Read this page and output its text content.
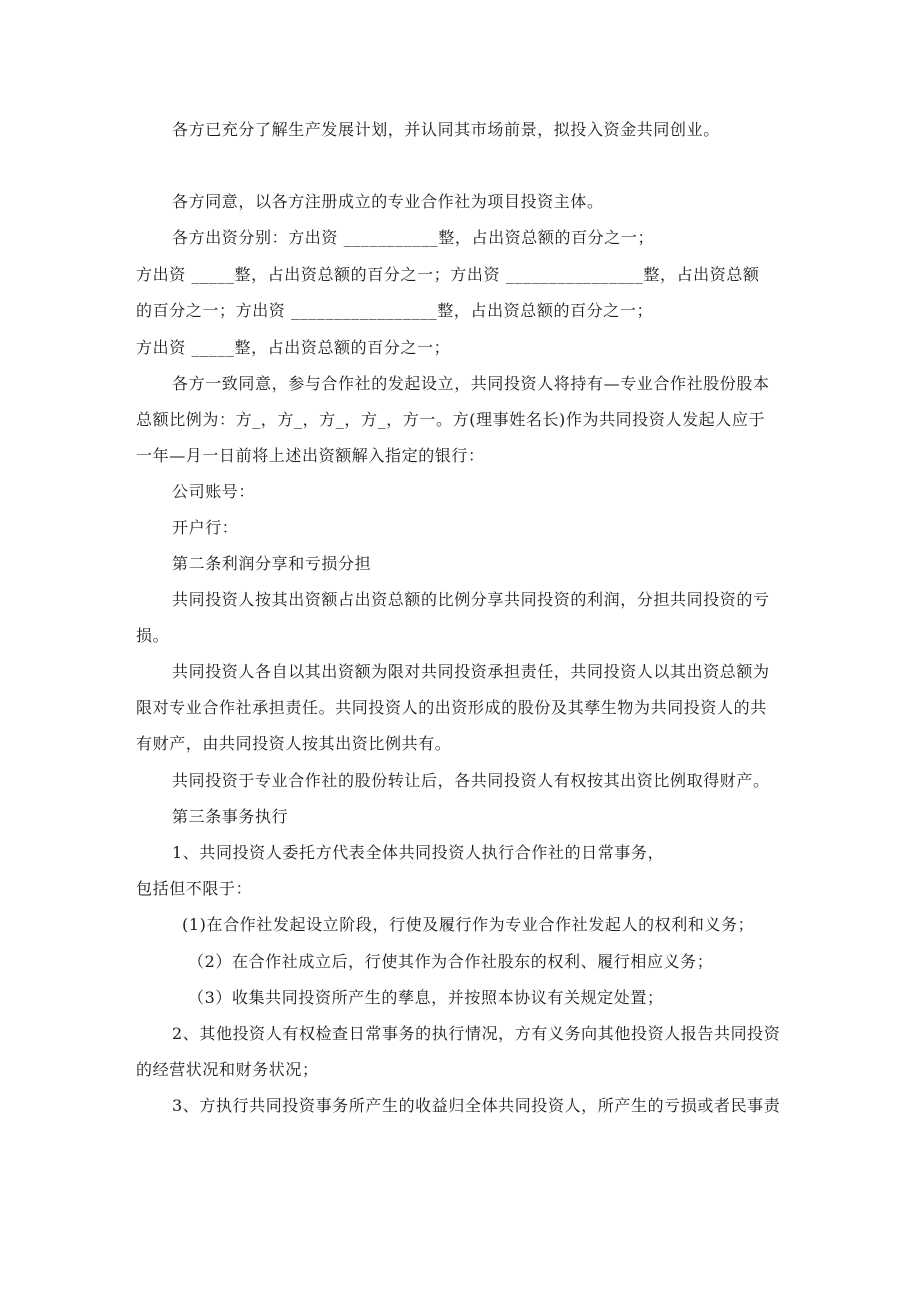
各方已充分了解生产发展计划，并认同其市场前景，拟投入资金共同创业。
各方同意，以各方注册成立的专业合作社为项目投资主体。
各方出资分别：方出资 ___________整，占出资总额的百分之一；
方出资 _____整，占出资总额的百分之一；方出资 ________________整，占出资总额
的百分之一；方出资 _________________整，占出资总额的百分之一；
方出资 _____整，占出资总额的百分之一；
各方一致同意，参与合作社的发起设立，共同投资人将持有—专业合作社股份股本
总额比例为：方_，方_，方_，方_，方一。方(理事姓名长)作为共同投资人发起人应于
一年—月一日前将上述出资额解入指定的银行：
公司账号：
开户行：
第二条利润分享和亏损分担
共同投资人按其出资额占出资总额的比例分享共同投资的利润，分担共同投资的亏
损。
共同投资人各自以其出资额为限对共同投资承担责任，共同投资人以其出资总额为
限对专业合作社承担责任。共同投资人的出资形成的股份及其孳生物为共同投资人的共
有财产，由共同投资人按其出资比例共有。
共同投资于专业合作社的股份转让后，各共同投资人有权按其出资比例取得财产。
第三条事务执行
1、共同投资人委托方代表全体共同投资人执行合作社的日常事务，
包括但不限于：
(1)在合作社发起设立阶段，行使及履行作为专业合作社发起人的权利和义务；
（2）在合作社成立后，行使其作为合作社股东的权利、履行相应义务；
（3）收集共同投资所产生的孳息，并按照本协议有关规定处置；
2、其他投资人有权检查日常事务的执行情况，方有义务向其他投资人报告共同投资
的经营状况和财务状况；
3、方执行共同投资事务所产生的收益归全体共同投资人，所产生的亏损或者民事责
